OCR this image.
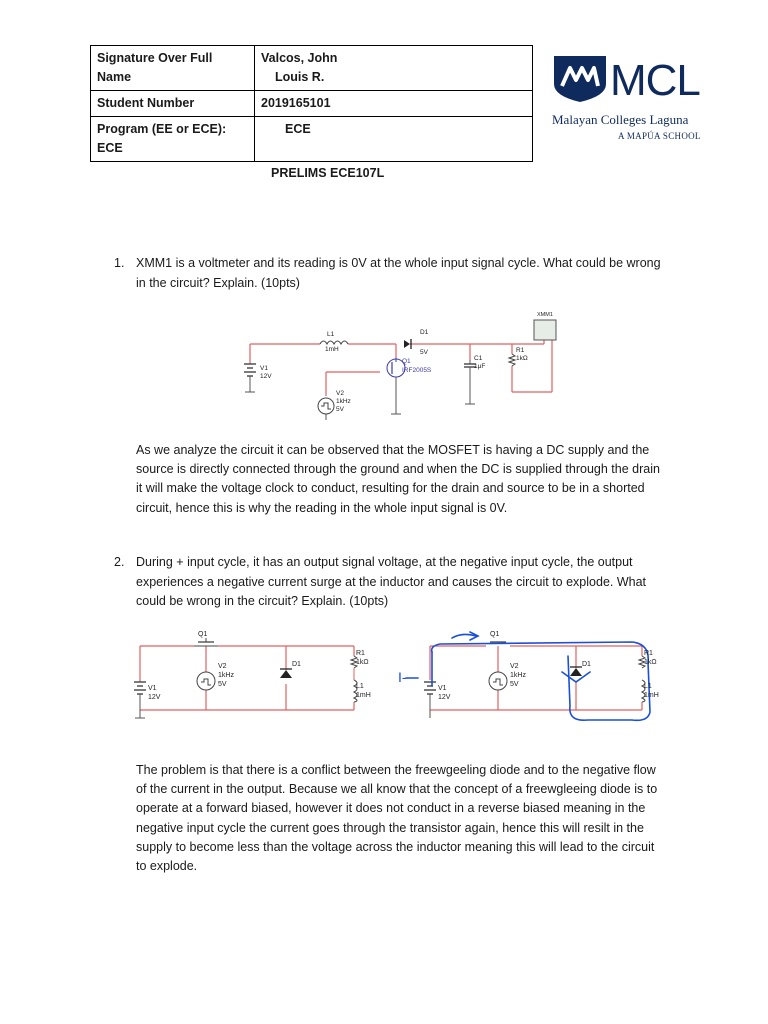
Signature Over Full Name	Valcos, John
Louis R.

Student Number	2019165101
Program (EE or ECE): ECE	ECE
MCL
Malayan Colleges Laguna
A MAPÚA SCHOOL
PRELIMS ECE107L
1. XMM1 is a voltmeter and its reading is 0V at the whole input signal cycle. What could be wrong
in the circuit? Explain. (10pts)
L1
1mH
D1
5V
XMM1
R1
1kΩ
C1
1μF
V1
12V
V2
1kHz
5V
Q1
IRF2005S
As we analyze the circuit it can be observed that the MOSFET is having a DC supply and the
source is directly connected through the ground and when the DC is supplied through the drain
it will make the voltage clock to conduct, resulting for the drain and source to be in a shorted
circuit, hence this is why the reading in the whole input signal is 0V.
2. During + input cycle, it has an output signal voltage, at the negative input cycle, the output
experiences a negative current surge at the inductor and causes the circuit to explode. What
could be wrong in the circuit? Explain. (10pts)
Q1
V2
1kHz
5V
D1
R1
1kΩ
L1
1mH
V1
12V
Q1
V2
1kHz
5V
D1
R1
1kΩ
L1
1mH
V1
12V
I-
The problem is that there is a conflict between the freewgeeling diode and to the negative flow
of the current in the output. Because we all know that the concept of a freewgleeing diode is to
operate at a forward biased, however it does not conduct in a reverse biased meaning in the
negative input cycle the current goes through the transistor again, hence this will resilt in the
supply to become less than the voltage across the inductor meaning this will lead to the circuit
to explode.
